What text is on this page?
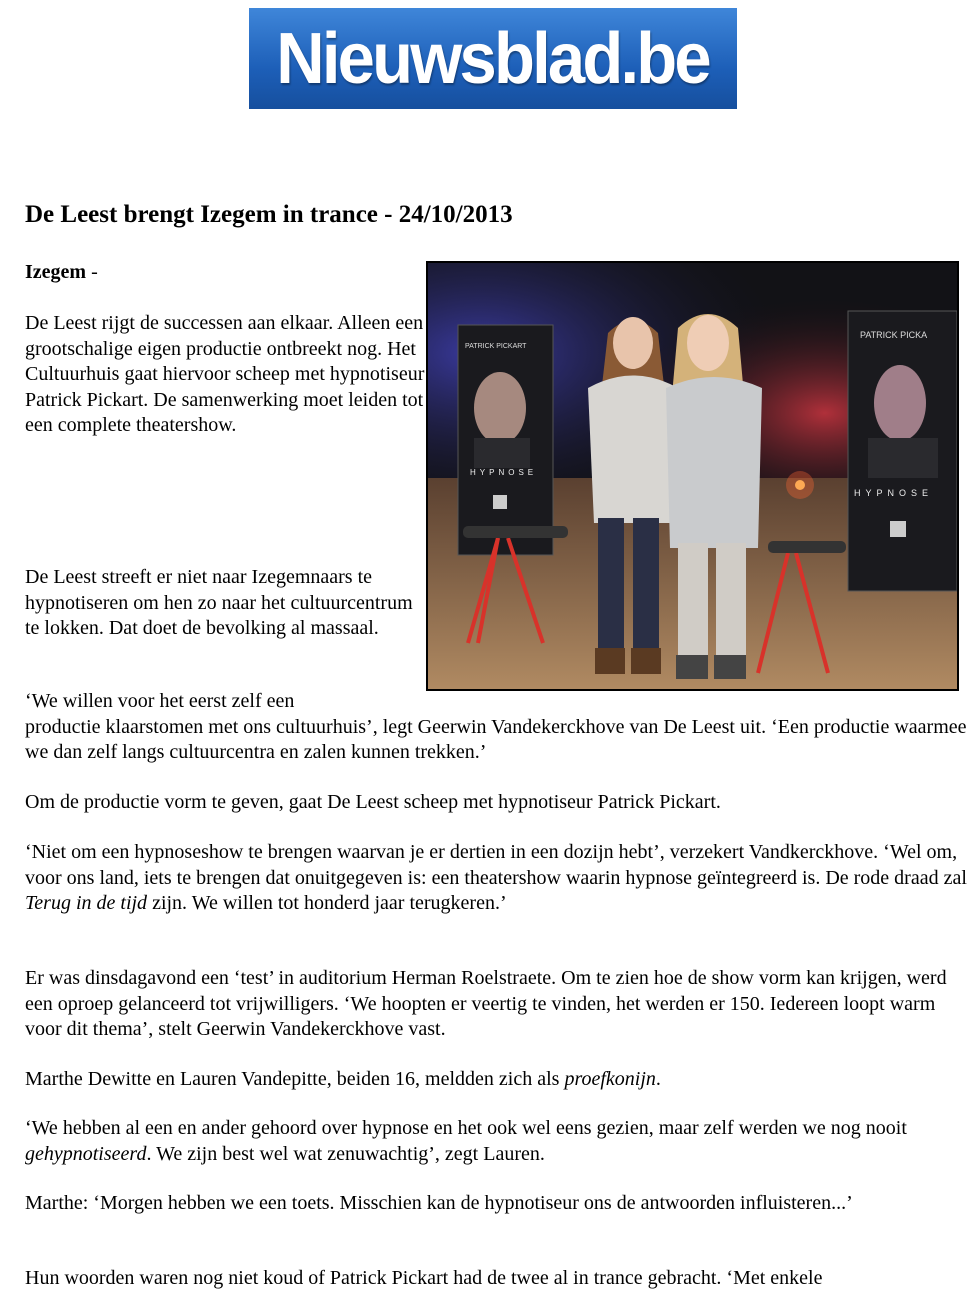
Nieuwsblad.be
De Leest brengt Izegem in trance - 24/10/2013
Izegem -

De Leest rijgt de successen aan elkaar. Alleen een grootschalige eigen productie ontbreekt nog. Het Cultuurhuis gaat hiervoor scheep met hypnotiseur Patrick Pickart. De samenwerking moet leiden tot een complete theatershow.

De Leest streeft er niet naar Izegemnaars te hypnotiseren om hen zo naar het cultuurcentrum te lokken. Dat doet de bevolking al massaal.

PATRICK PICKART
HYPNOSE
PATRICK PICKA
HYPNOSE

‘We willen voor het eerst zelf een
productie klaarstomen met ons cultuurhuis’, legt Geerwin Vandekerckhove van De Leest uit. ‘Een productie waarmee we dan zelf langs cultuurcentra en zalen kunnen trekken.’

Om de productie vorm te geven, gaat De Leest scheep met hypnotiseur Patrick Pickart.

‘Niet om een hypnoseshow te brengen waarvan je er dertien in een dozijn hebt’, verzekert Vandkerckhove. ‘Wel om, voor ons land, iets te brengen dat onuitgegeven is: een theatershow waarin hypnose geïntegreerd is. De rode draad zal Terug in de tijd zijn. We willen tot honderd jaar terugkeren.’

Er was dinsdagavond een ‘test’ in auditorium Herman Roelstraete. Om te zien hoe de show vorm kan krijgen, werd een oproep gelanceerd tot vrijwilligers. ‘We hoopten er veertig te vinden, het werden er 150. Iedereen loopt warm voor dit thema’, stelt Geerwin Vandekerckhove vast.

Marthe Dewitte en Lauren Vandepitte, beiden 16, meldden zich als proefkonijn.

‘We hebben al een en ander gehoord over hypnose en het ook wel eens gezien, maar zelf werden we nog nooit gehypnotiseerd. We zijn best wel wat zenuwachtig’, zegt Lauren.

Marthe: ‘Morgen hebben we een toets. Misschien kan de hypnotiseur ons de antwoorden influisteren...’

Hun woorden waren nog niet koud of Patrick Pickart had de twee al in trance gebracht. ‘Met enkele
